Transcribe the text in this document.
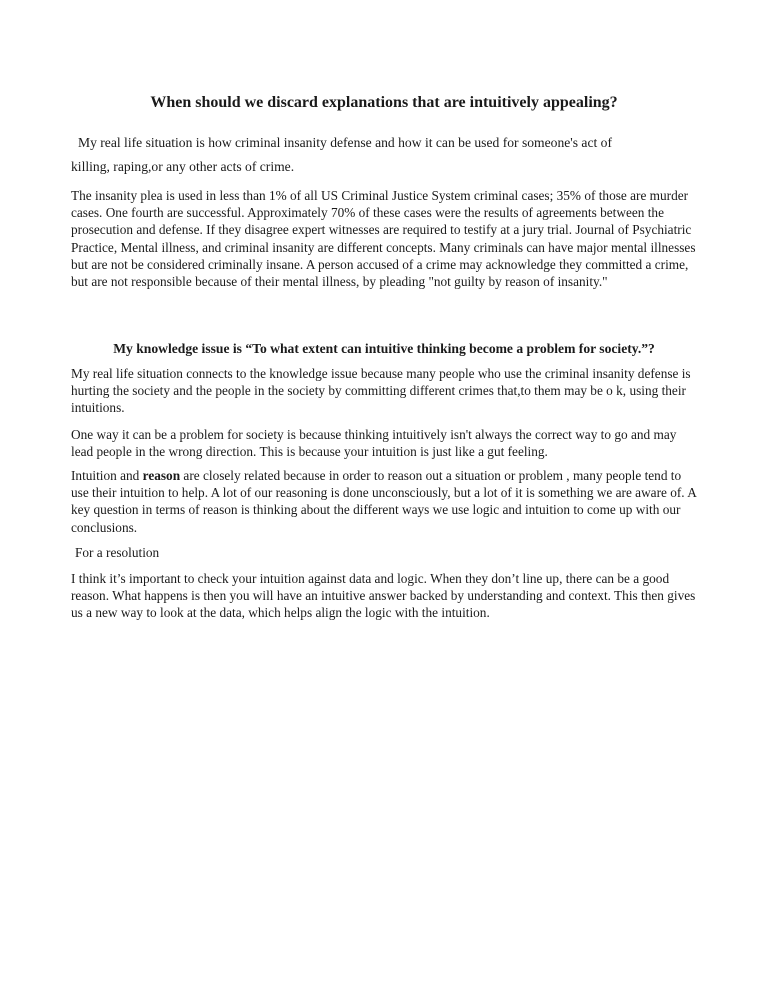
When should we discard explanations that are intuitively appealing?
My real life situation is how criminal insanity defense and how it can be used for someone's act of
killing, raping,or any other acts of crime.
The insanity plea is used in less than 1% of all US Criminal Justice System criminal cases; 35% of those are murder cases. One fourth are successful. Approximately 70% of these cases were the results of agreements between the prosecution and defense. If they disagree expert witnesses are required to testify at a jury trial. Journal of Psychiatric Practice, Mental illness, and criminal insanity are different concepts. Many criminals can have major mental illnesses but are not be considered criminally insane. A person accused of a crime may acknowledge they committed a crime, but are not responsible because of their mental illness, by pleading "not guilty by reason of insanity."
My knowledge issue is “To what extent can intuitive thinking become a problem for society.”?
My real life situation connects to the knowledge issue because many people who use the criminal insanity defense is hurting the society and the people in the society by committing different crimes that,to them may be o k, using their intuitions.
One way it can be a problem for society is because thinking intuitively isn't always the correct way to go and may lead people in the wrong direction. This is because your intuition is just like a gut feeling.
Intuition and reason are closely related because in order to reason out a situation or problem , many people tend to use their intuition to help. A lot of our reasoning is done unconsciously, but a lot of it is something we are aware of. A key question in terms of reason is thinking about the different ways we use logic and intuition to come up with our conclusions.
For a resolution
I think it’s important to check your intuition against data and logic. When they don’t line up, there can be a good reason. What happens is then you will have an intuitive answer backed by understanding and context. This then gives us a new way to look at the data, which helps align the logic with the intuition.
